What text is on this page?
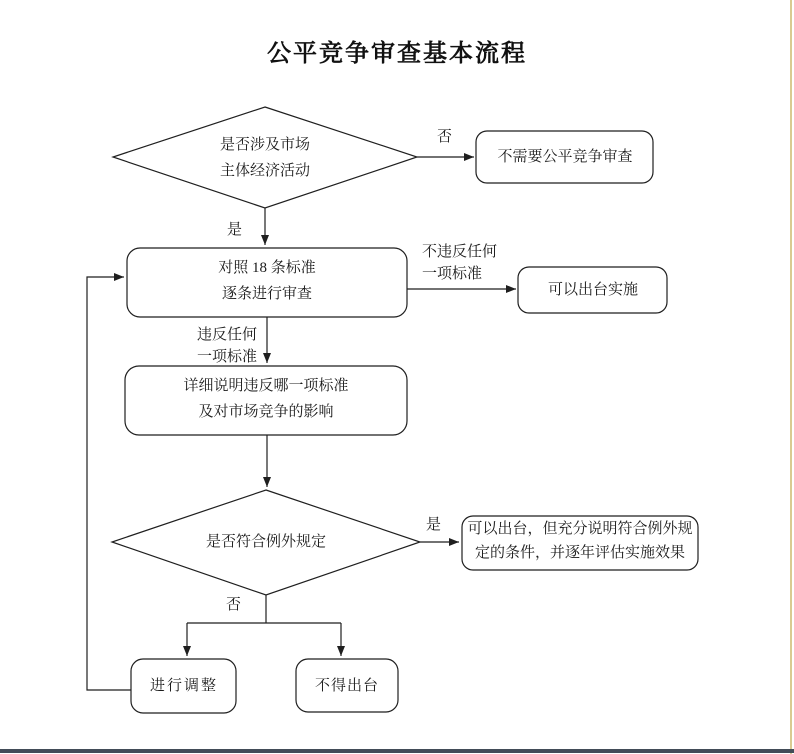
公平竞争审查基本流程
是否涉及市场
主体经济活动
不需要公平竞争审查
对照 18 条标准
逐条进行审查	可以出台实施
详细说明违反哪一项标准
及对市场竞争的影响
是否符合例外规定
可以出台，但充分说明符合例外规
定的条件，并逐年评估实施效果
进行调整	不得出台
否
是
不违反任何
一项标准
违反任何
一项标准
是
否
